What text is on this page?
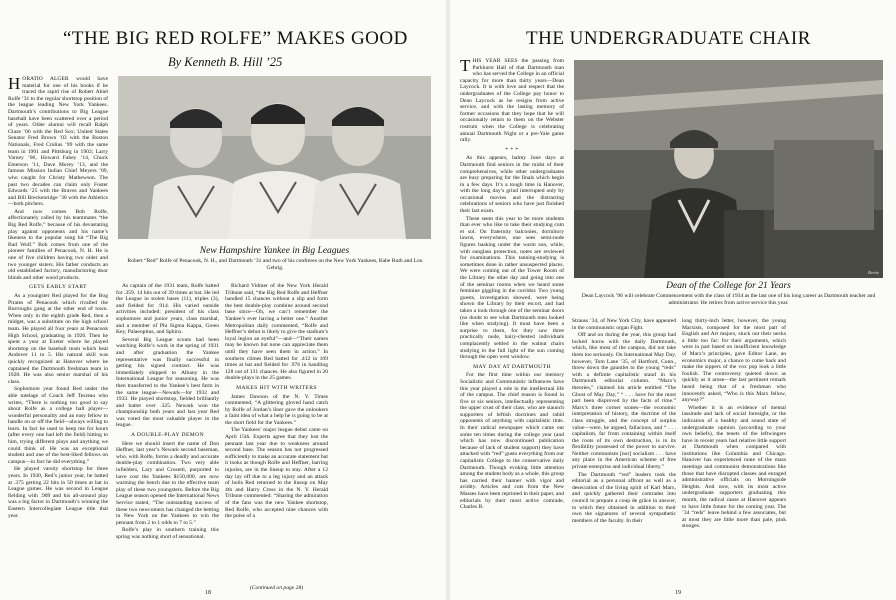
“THE BIG RED ROLFE” MAKES GOOD
By Kenneth B. Hill ’25
H ORATIO ALGER would have material for one of his books if he traced the rapid rise of Robert Abiel Rolfe ’31 to the regular shortstop position of the league leading New York Yankees. Dartmouth’s contributions to Big League baseball have been scattered over a period of years. Older alumni will recall Ralph Glaze ’06 with the Red Sox; United States Senator Fred Brown ’03 with the Boston Nationals, Fred Crolius ’99 with the same team in 1901 and Pittsburg in 1902; Larry Varney ’06, Howard Fahey ’14, Chuck Emerson ’11, Dave Morey ’13, and the famous Mission Indian Chief Meyers ’09, who caught for Christy Mathewson. The past two decades can claim only Foster Edwards ’25 with the Braves and Yankees and Bill Breckenridge ’30 with the Athletics—both pitchers.

And now comes Bob Rolfe, affectionately called by his teammates “the Big Red Rolfe,” because of his devastating play against opponents and his name’s likeness to the popular song hit “The Big Bad Wolf.” Bob comes from one of the pioneer families of Penacook, N. H. He is one of five children having two older and two younger sisters. His father conducts an old established factory, manufacturing door blinds and other wood products.

GETS EARLY START

As a youngster Red played for the Bog Pirates of Penacook which rivalled the Burroughs gang at the other end of town. When only in the eighth grade Red, then a midget, was a substitute on the high school team. He played all four years at Penacook High School, graduating in 1926. Then he spent a year at Exeter where he played shortstop on the baseball team which beat Andover 11 to 5. His natural skill was quickly recognized at Hanover where he captained the Dartmouth freshman team in 1928. He was also senior marshal of his class.

Sophomore year found Red under the able tutelage of Coach Jeff Tesreau who writes, “There is nothing too good to say about Rolfe as a college ball player—wonderful personality and an easy fellow to handle on or off the field—always willing to learn. In fact he used to keep me for hours (after every one had left the field) hitting to him, trying different plays and anything we could think of. He was an exceptional student and one of the best-liked fellows on campus—in fact he did everything.”

He played varsity shortstop for three years. In 1930, Red’s junior year, he batted at .375 getting 22 hits in 50 times at bat in League games. He was second in League fielding with .909 and his all-around play was a big factor in Dartmouth’s winning the Eastern Intercollegiate League title that year.

New Hampshire Yankee in Big Leagues
Robert “Red” Rolfe of Penacook, N. H., and Dartmouth ’31 and two of his confreres on the New York Yankees, Babe Ruth and Lou Gehrig.

As captain of the 1931 team, Rolfe batted for .359. 14 hits out of 39 times at bat. He led the League in stolen bases (11), triples (3), and fielded for .914. His varied outside activities included: president of his class sophomore and junior years, class marshal, and a member of Phi Sigma Kappa, Green Key, Palaeopitus, and Sphinx.

Several Big League scouts had been watching Rolfe’s work in the spring of 1931 and after graduation the Yankee representative was finally successful in getting his signed contract. He was immediately shipped to Albany in the International League for seasoning. He was then transferred to the Yankee’s best farm in the same league—Newark—for 1932 and 1933. He played shortstop, fielded brilliantly and batter over .325. Newark won the championship both years and last year Red was voted the most valuable player in the league.

A DOUBLE-PLAY DEMON

Here we should insert the name of Don Heffner, last year’s Newark second baseman, who, with Rolfe, forms a deadly and accurate double-play combination. Two very able infielders, Lary and Crosetti, purported to have cost the Yankees $150,000, are now warming the bench due to the effective team play of these two youngsters. Before the Big League season opened the International News Service stated, “The outstanding success of these two newcomers has changed the betting in New York on the Yankees to win the pennant from 2 to 1 odds to 7 to 5.”

Rolfe’s play in southern training this spring was nothing short of sensational.

Richard Vidmer of the New York Herald Tribune said, “the Big Red Rolfe and Heffner handled 15 chances without a slip and form the best double-play combine around second base since—Oh, we can’t remember the Yankee’s ever having a better one.” Another Metropolitan daily commented, “Rolfe and Heffner’s debut is likely to give the stadium’s loyal legion an eyeful”—and—“Their names may be known but none can appreciate them until they have seen them in action.” In southern climes Red batted for .412 in 109 times at bat and fielded for .976 in handling 128 out of 131 chances. He also figured in 20 double-plays in the 25 games.

MAKES HIT WITH WRITERS

James Dawson of the N. Y. Times commented, “A glittering gloved hand catch by Rolfe of Jordan’s liner gave the onlookers a faint idea of what a help he is going to be at the short field for the Yankees.”

The Yankees’ major league debut came on April 15th. Experts agree that they lost the pennant last year due to weakness around second base. The season has not progressed sufficiently to make an accurate statement but it looks as though Rolfe and Heffner, barring injuries, are in the lineup to stay. After a 12 day lay off due to a leg injury and an attack of boils Red returned to the lineup on May 4th and Harry Cross in the N. Y. Herald Tribune commented: “Sharing the admiration of the fans was the new Yankee shortstop, Red Rolfe, who accepted nine chances with the poise of a

(Continued on page 28)
18
THE UNDERGRADUATE CHAIR
T HIS YEAR SEES the passing from Parkhurst Hall of that Dartmouth man who has served the College in an official capacity for more than thirty years—Dean Laycock. It is with love and respect that the undergraduates of the College pay honor to Dean Laycock as he resigns from active service, and with the lasting memory of former occasions that they hope that he will occasionally return to them on the Webster rostrum when the College is celebrating annual Dartmouth Night or a pre-Yale game rally.

* * *

As this appears, balmy June days at Dartmouth find seniors in the midst of their comprehensives, while other undergraduates are busy preparing for the finals which begin in a few days. It’s a tough time in Hanover, with the long day’s grind interrupted only by occasional movies and the distracting celebrations of seniors who have just finished their last exam.

These seem this year to be more students than ever who like to take their studying cum et sol. On fraternity balconies, dormitory lawns, everywhere, one sees semi-nude figures basking under the warm sun, while, with sunglass protection, notes are reviewed for examinations. This tanning-studying is sometimes done in rather unsuspected places. We were coming out of the Tower Room of the Library the other day and going into one of the seminar rooms when we heard some feminine giggling in the corridor. Two young guests, investigation showed, were being shown the Library by their escort, and had taken a look through one of the seminar doors (no doubt to see what Dartmouth men looked like when studying). It must have been a surprise to them, for they saw three practically nude, hairy-chested individuals complacently settled in the walnut chairs studying in the full light of the sun coming through the open west window.

MAY DAY AT DARTMOUTH

For the first time within our memory Socialistic and Communistic influences have this year played a role in the intellectual life of the campus. The chief reason is found in five or six seniors, intellectually representing the upper crust of their class, who are staunch supporters of leftish doctrines and rabid opponents of anything with capitalistic tints. In their radical newspaper which came out some ten times during the college year (and which has now discontinued publication because of lack of student support) they have attacked with “red” gusto everything from our capitalistic College to the conservative daily Dartmouth. Though evoking little attention among the student body as a whole, this group has carried their banner with vigor and avidity. Articles and cuts from the New Masses have been reprinted in their paper, and editorials by their most active comrade, Charles B.

Bertie
Dean of the College for 21 Years
Dean Laycock ’96 will celebrate Commencement with the class of 1934 as the last one of his long career as Dartmouth teacher and administrator. He retires from active service this year.

Strauss ’34, of New York City, have appeared in the communistic organ Fight.

Off and on during the year, this group had locked horns with the daily Dartmouth, which, like most of the campus, did not take them too seriously. On International May Day, however, Tom Lane ’35, of Hartford, Conn., threw down the gauntlet to the young “reds” with a definite capitalistic stand in his Dartmouth editorial column. “Marx’s theories,” claimed his article entitled “The Ghost of May Day,” “ . . . have for the most part been disproved by the facts of time.” Marx’s three corner stones—the economic interpretation of history, the doctrine of the class struggle, and the concept of surplus value—were, he argued, fallacious, and “ . . . capitalism, far from containing within itself the roots of its own destruction, is in its flexibility possessed of the power to survive. Neither communism [nor] socialism . . . have any place in the American scheme of free private enterprise and individual liberty.”

The Dartmouth “red” leaders took the editorial as a personal affront as well as a desecration of the living spirit of Karl Marx, and quickly gathered their comrades into council to prepare a coup de grâce in answer, to which they obtained in addition to their own the signatures of several sympathetic members of the faculty. In their

long thirty-inch letter, however, the young Marxists, composed for the most part of English and Art majors, stuck out their necks a little too far: for their arguments, which were in part based on insufficient knowledge of Marx’s principles, gave Editor Lane, an economics major, a chance to come back and make the sippers of the vox pop look a little foolish. The controversy quieted down as quickly as it arose—the last pertinent remark heard being that of a freshman who innocently asked, “Who is this Marx fellow, anyway?”

Whether it is an evidence of mental lassitude and lack of social foresight, or the indication of a healthy and sound state of undergraduate opinion (according to your own beliefs), the tenets of the leftwingers have in recent years had relative little support at Dartmouth when compared with institutions like Columbia and Chicago. Hanover has experienced none of the mass meetings and communist demonstrations like those that have disrupted classes and enraged administrative officials on Morningside Heights. And now, with its most active undergraduate supporters graduating this month, the radical cause at Hanover appears to have little future for the coming year. The ’34 “reds” leave behind a few associates, but at most they are little more than pale, pink stooges.

19
